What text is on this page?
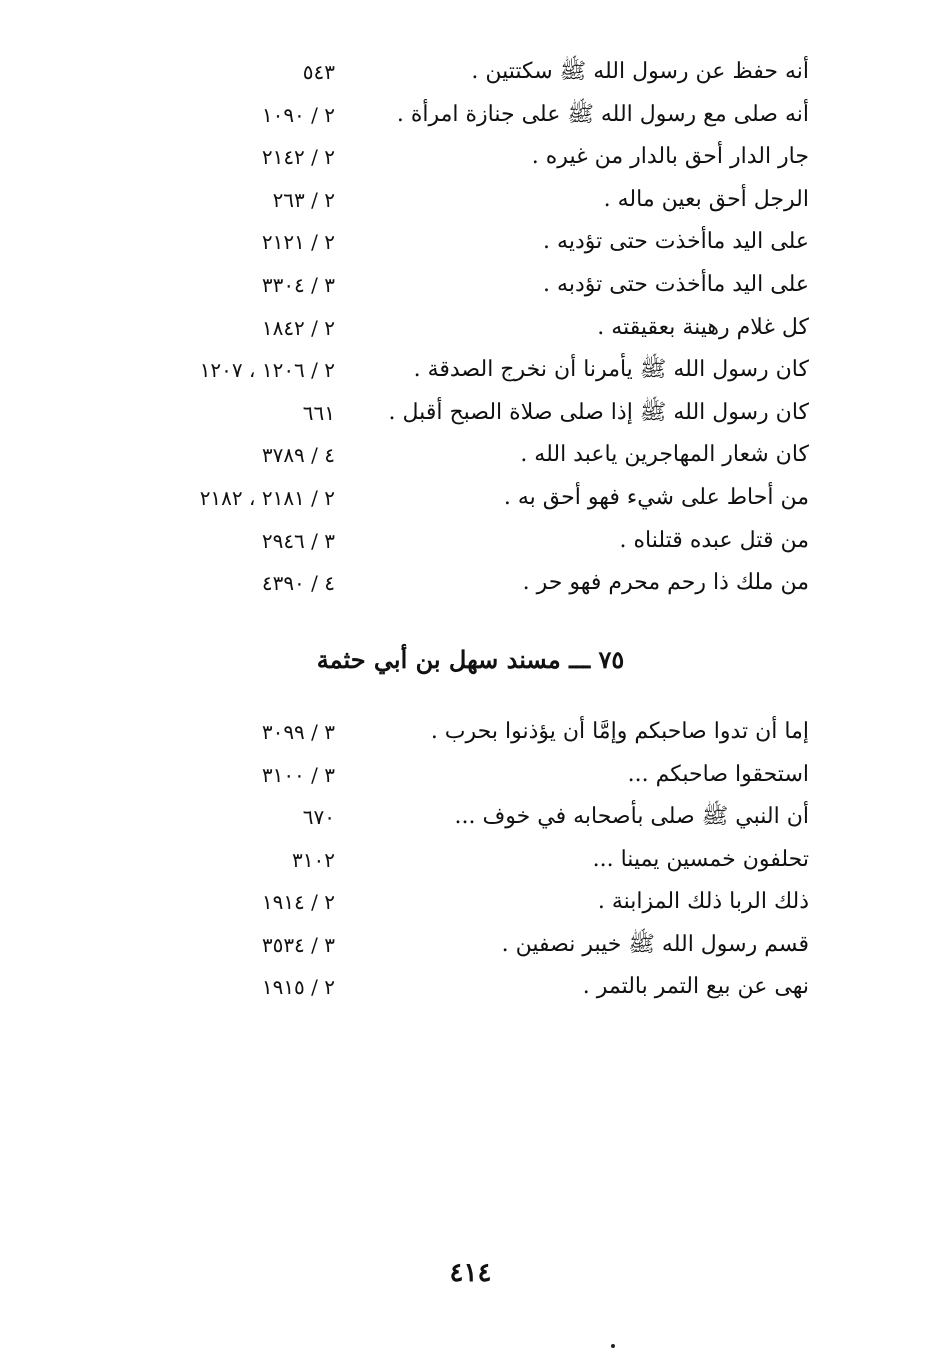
أنه حفظ عن رسول الله ﷺ سكتتين .
٥٤٣
أنه صلى مع رسول الله ﷺ على جنازة امرأة .
٢ / ١٠٩٠
جار الدار أحق بالدار من غيره .
٢ / ٢١٤٢
الرجل أحق بعين ماله .
٢ / ٢٦٣
على اليد ماأخذت حتى تؤديه .
٢ / ٢١٢١
على اليد ماأخذت حتى تؤدبه .
٣ / ٣٣٠٤
كل غلام رهينة بعقيقته .
٢ / ١٨٤٢
كان رسول الله ﷺ يأمرنا أن نخرج الصدقة .
٢ / ١٢٠٦ ، ١٢٠٧
كان رسول الله ﷺ إذا صلى صلاة الصبح أقبل .
٦٦١
كان شعار المهاجرين ياعبد الله .
٤ / ٣٧٨٩
من أحاط على شيء فهو أحق به .
٢ / ٢١٨١ ، ٢١٨٢
من قتل عبده قتلناه .
٣ / ٢٩٤٦
من ملك ذا رحم محرم فهو حر .
٤ / ٤٣٩٠
٧٥ ـــ مسند سهل بن أبي حثمة
إما أن تدوا صاحبكم وإمَّا أن يؤذنوا بحرب .
٣ / ٣٠٩٩
استحقوا صاحبكم ...
٣ / ٣١٠٠
أن النبي ﷺ صلى بأصحابه في خوف ...
٦٧٠
تحلفون خمسين يمينا ...
٣١٠٢
ذلك الربا ذلك المزابنة .
٢ / ١٩١٤
قسم رسول الله ﷺ خيبر نصفين .
٣ / ٣٥٣٤
نهى عن بيع التمر بالتمر .
٢ / ١٩١٥
٤١٤
